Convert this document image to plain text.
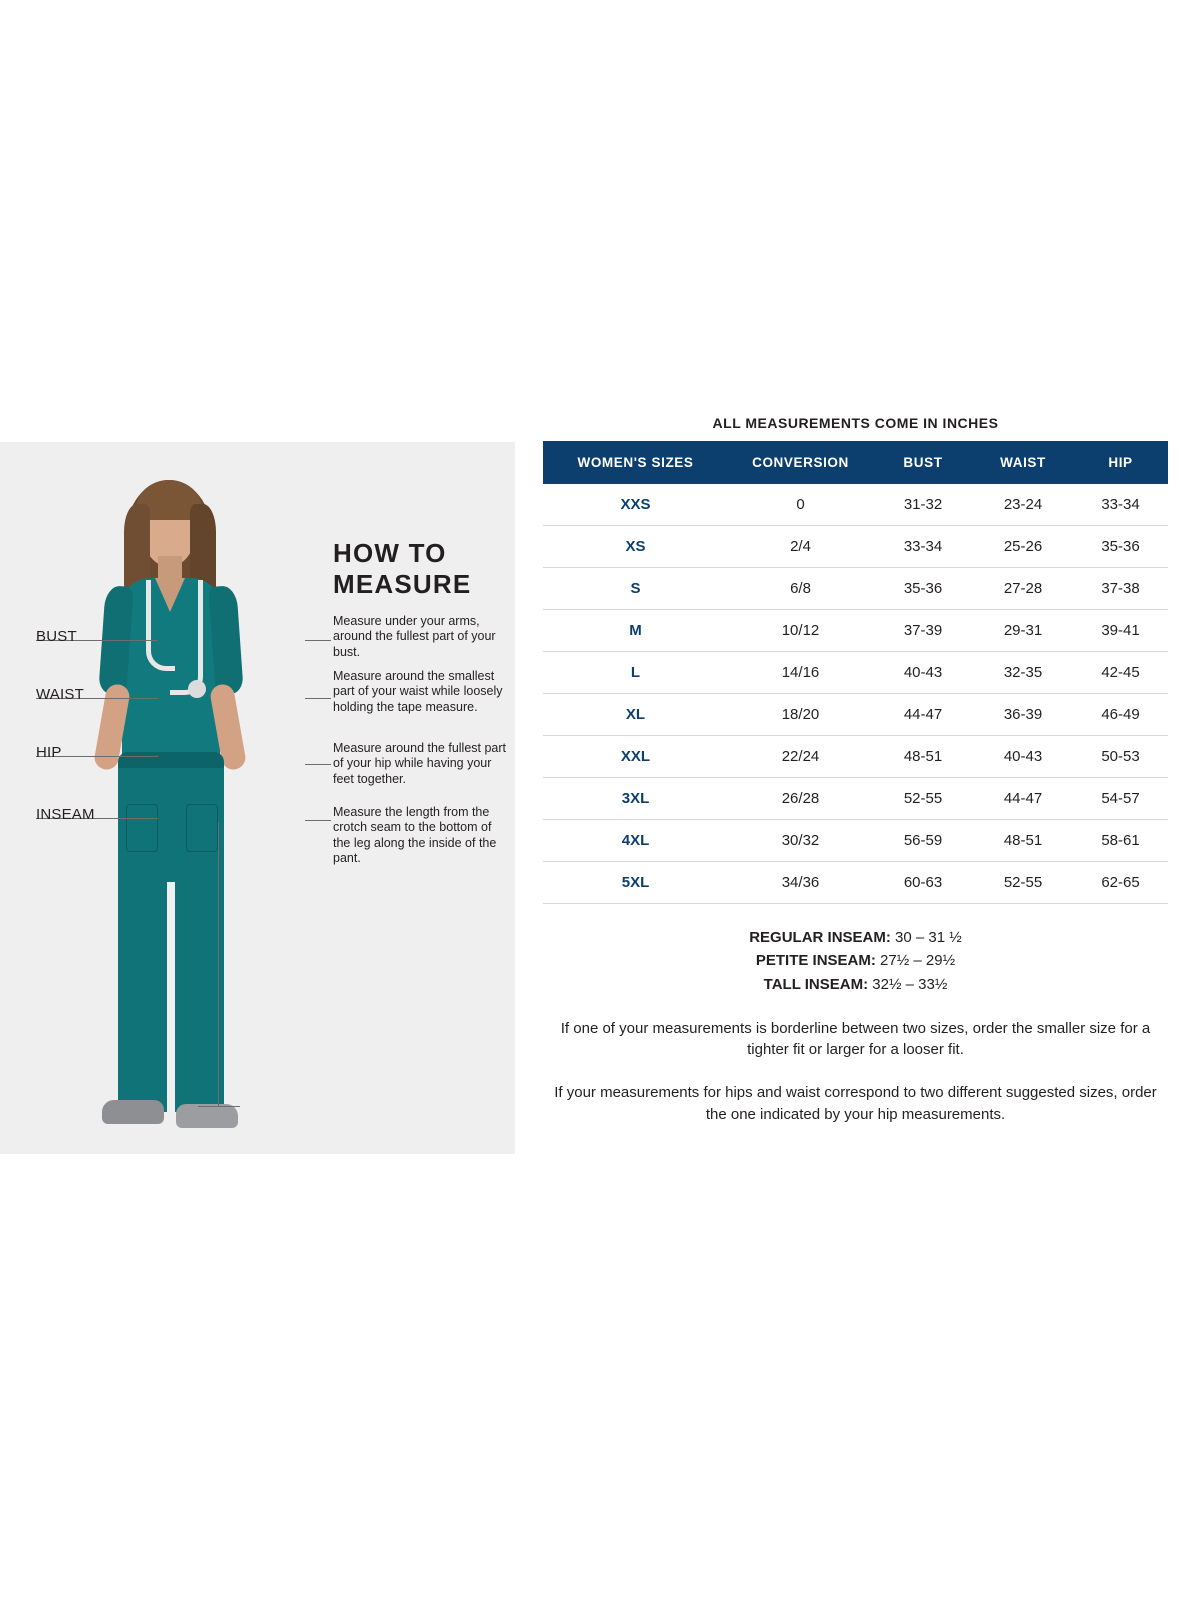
BUST
WAIST
HIP
INSEAM
HOW TO
MEASURE
Measure under your arms, around the fullest part of your bust.
Measure around the smallest part of your waist while loosely holding the tape measure.
Measure around the fullest part of your hip while having your feet together.
Measure the length from the crotch seam to the bottom of the leg along the inside of the pant.
ALL MEASUREMENTS COME IN INCHES
WOMEN'S SIZES	CONVERSION	BUST	WAIST	HIP
XXS	0	31-32	23-24	33-34
XS	2/4	33-34	25-26	35-36
S	6/8	35-36	27-28	37-38
M	10/12	37-39	29-31	39-41
L	14/16	40-43	32-35	42-45
XL	18/20	44-47	36-39	46-49
XXL	22/24	48-51	40-43	50-53
3XL	26/28	52-55	44-47	54-57
4XL	30/32	56-59	48-51	58-61
5XL	34/36	60-63	52-55	62-65
REGULAR INSEAM: 30 – 31 ½
PETITE INSEAM: 27½ – 29½
TALL INSEAM: 32½ – 33½
If one of your measurements is borderline between two sizes, order the smaller size for a tighter fit or larger for a looser fit.
If your measurements for hips and waist correspond to two different suggested sizes, order the one indicated by your hip measurements.
